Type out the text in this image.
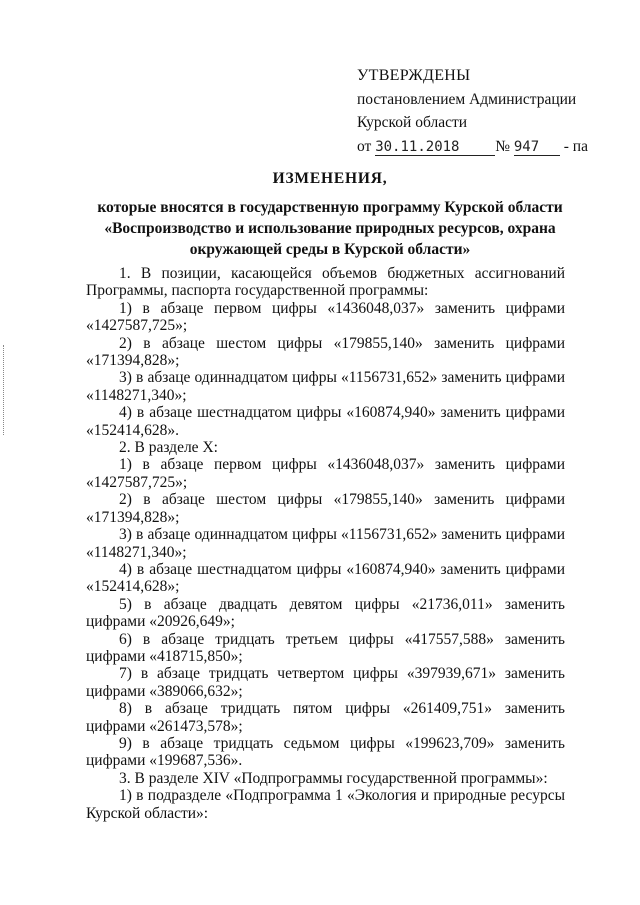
УТВЕРЖДЕНЫ
постановлением Администрации
Курской области
от 30.11.2018 № 947 - па
ИЗМЕНЕНИЯ,
которые вносятся в государственную программу Курской области «Воспроизводство и использование природных ресурсов, охрана окружающей среды в Курской области»
1. В позиции, касающейся объемов бюджетных ассигнований Программы, паспорта государственной программы:
1) в абзаце первом цифры «1436048,037» заменить цифрами «1427587,725»;
2) в абзаце шестом цифры «179855,140» заменить цифрами «171394,828»;
3) в абзаце одиннадцатом цифры «1156731,652» заменить цифрами «1148271,340»;
4) в абзаце шестнадцатом цифры «160874,940» заменить цифрами «152414,628».
2. В разделе X:
1) в абзаце первом цифры «1436048,037» заменить цифрами «1427587,725»;
2) в абзаце шестом цифры «179855,140» заменить цифрами «171394,828»;
3) в абзаце одиннадцатом цифры «1156731,652» заменить цифрами «1148271,340»;
4) в абзаце шестнадцатом цифры «160874,940» заменить цифрами «152414,628»;
5) в абзаце двадцать девятом цифры «21736,011» заменить цифрами «20926,649»;
6) в абзаце тридцать третьем цифры «417557,588» заменить цифрами «418715,850»;
7) в абзаце тридцать четвертом цифры «397939,671» заменить цифрами «389066,632»;
8) в абзаце тридцать пятом цифры «261409,751» заменить цифрами «261473,578»;
9) в абзаце тридцать седьмом цифры «199623,709» заменить цифрами «199687,536».
3. В разделе XIV «Подпрограммы государственной программы»:
1) в подразделе «Подпрограмма 1 «Экология и природные ресурсы Курской области»:
